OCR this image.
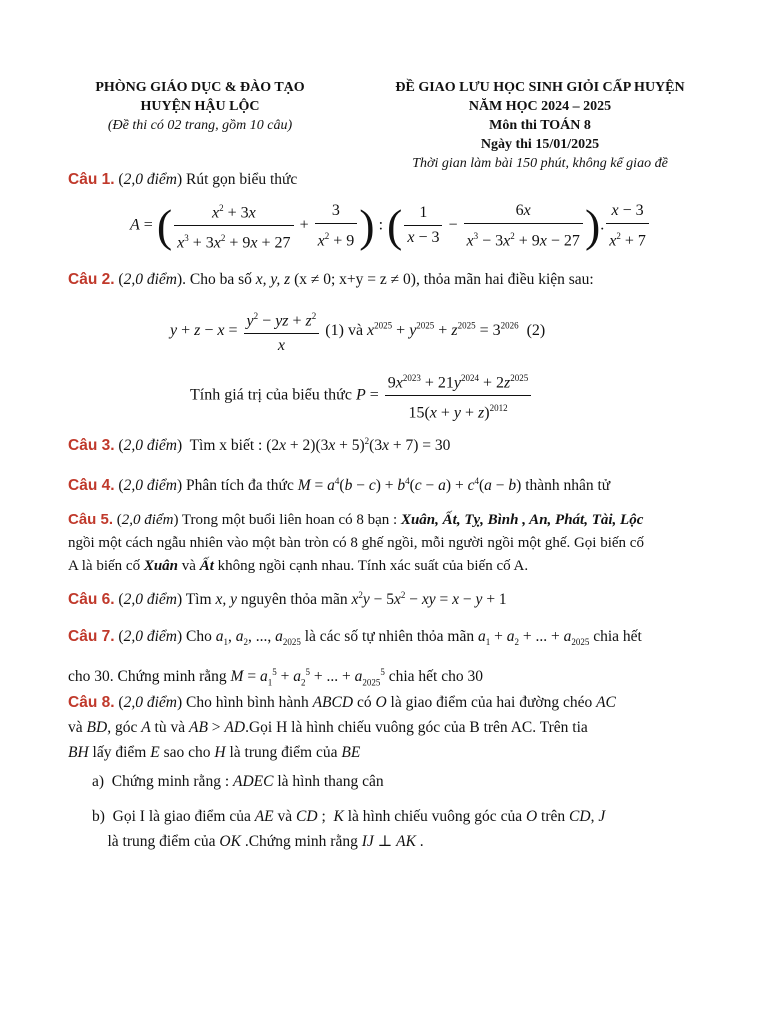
PHÒNG GIÁO DỤC & ĐÀO TẠO
HUYỆN HẬU LỘC
(Đề thi có 02 trang, gồm 10 câu)
ĐỀ GIAO LƯU HỌC SINH GIỎI CẤP HUYỆN
NĂM HỌC 2024 – 2025
Môn thi TOÁN 8
Ngày thi 15/01/2025
Thời gian làm bài 150 phút, không kể giao đề
Câu 1. (2,0 điểm) Rút gọn biểu thức
A = ( $\frac{x^2 + 3x}{x^3 + 3x^2 + 9x + 27} + \frac{3}{x^2 + 9}$ ) : ( $\frac{1}{x - 3} - \frac{6x}{x^3 - 3x^2 + 9x - 27}$ ). $\frac{x - 3}{x^2 + 7}$
Câu 2. (2,0 điểm). Cho ba số x, y, z (x ≠ 0; x+y = z ≠ 0), thỏa mãn hai điều kiện sau:
$y + z - x = \frac{y^2 - yz + z^2}{x} (1)$ và $x^{2025} + y^{2025} + z^{2025} = 3^{2026}$  (2)
Tính giá trị của biểu thức $P = \frac{9x^{2023} + 21y^{2024} + 2z^{2025}}{15(x + y + z)^{2012}}$
Câu 3. (2,0 điểm)  Tìm x biết : $(2x + 2)(3x + 5)^2(3x + 7) = 30$
Câu 4. (2,0 điểm) Phân tích đa thức $M = a^4(b - c) + b^4(c - a) + c^4(a - b)$ thành nhân tử
Câu 5. (2,0 điểm) Trong một buổi liên hoan có 8 bạn : Xuân, Ất, Tỵ, Bình , An, Phát, Tài, Lộc
ngồi một cách ngẫu nhiên vào một bàn tròn có 8 ghế ngồi, mỗi người ngồi một ghế. Gọi biến cố
A là biến cố Xuân và Ất không ngồi cạnh nhau. Tính xác suất của biến cố A.
Câu 6. (2,0 điểm) Tìm x, y nguyên thỏa mãn $x^2y - 5x^2$ − xy = x − y + 1
Câu 7. (2,0 điểm) Cho $a_1$, $a_2$, ..., $a_{2025}$ là các số tự nhiên thỏa mãn $a_1 + a_2$ + ... + $a_{2025}$ chia hết
cho 30. Chứng minh rằng $M = a_1^5 + a_2^5$ + ... + $a_{2025}^5$ chia hết cho 30
Câu 8. (2,0 điểm) Cho hình bình hành ABCD có O là giao điểm của hai đường chéo AC
và BD, góc A tù và AB > AD.Gọi H là hình chiếu vuông góc của B trên AC. Trên tia
BH lấy điểm E sao cho H là trung điểm của BE
a) Chứng minh rằng : ADEC là hình thang cân
b) Gọi I là giao điểm của AE và CD ;  K là hình chiếu vuông góc của O trên CD, J
là trung điểm của OK .Chứng minh rằng IJ ⊥ AK .
